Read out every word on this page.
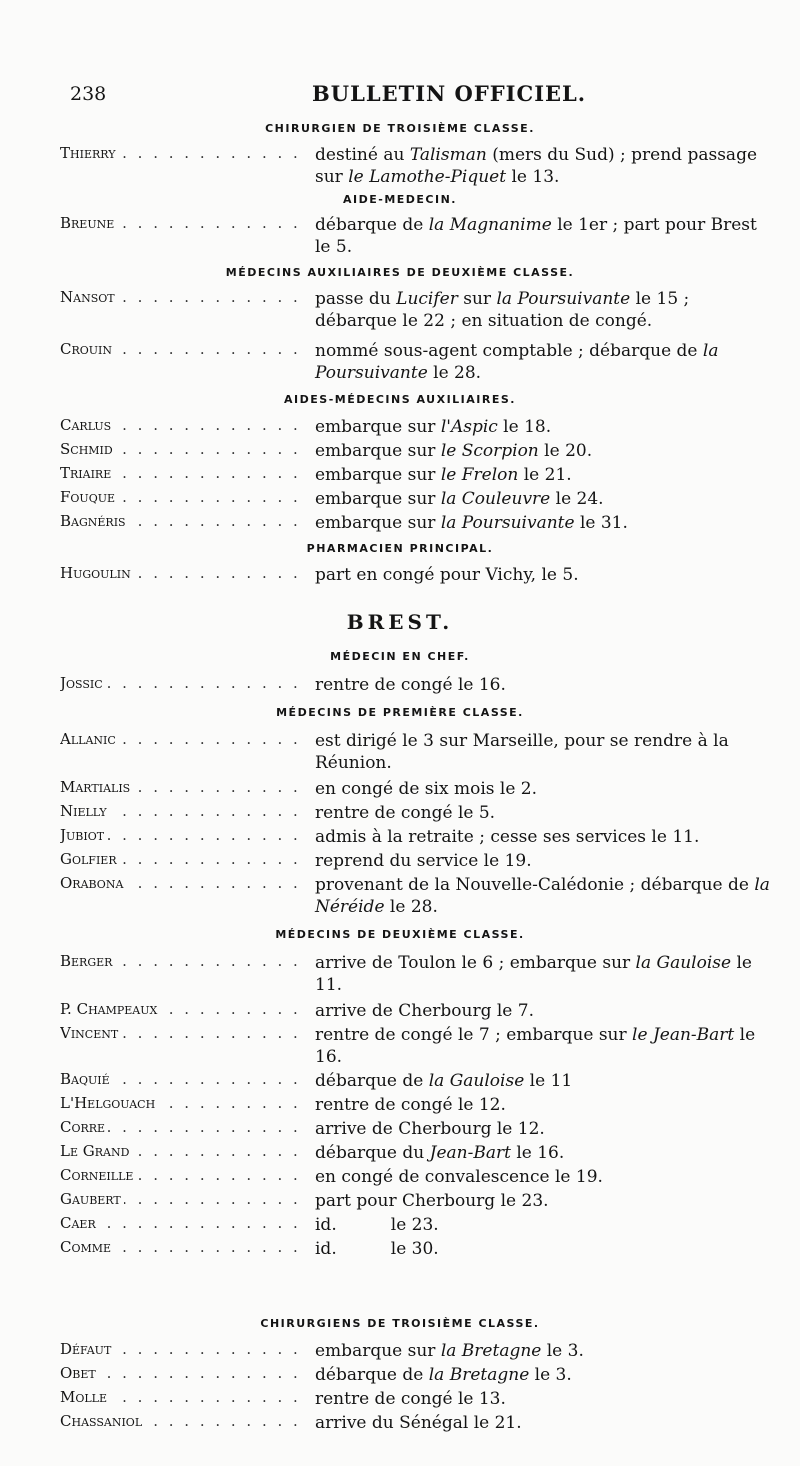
238	BULLETIN OFFICIEL.
CHIRURGIEN DE TROISIÈME CLASSE.
AIDE-MEDECIN.
MÉDECINS AUXILIAIRES DE DEUXIÈME CLASSE.
AIDES-MÉDECINS AUXILIAIRES.
PHARMACIEN PRINCIPAL.
BREST.
MÉDECIN EN CHEF.
MÉDECINS DE PREMIÈRE CLASSE.
MÉDECINS DE DEUXIÈME CLASSE.
CHIRURGIENS DE TROISIÈME CLASSE.
Thierry . . .	destiné au Talisman (mers du Sud) ; prend passage sur le Lamothe-Piquet le 13.
Breune . . .	débarque de la Magnanime le 1er ; part pour Brest le 5.
Nansot . . .	passe du Lucifer sur la Poursuivante le 15 ; débarque le 22 ; en situation de congé.
Crouin . . .	nommé sous-agent comptable ; débarque de la Poursuivante le 28.
Carlus . . .	embarque sur l'Aspic le 18.
Schmid . . .	embarque sur le Scorpion le 20.
Triaire . . .	embarque sur le Frelon le 21.
Fouque . . .	embarque sur la Couleuvre le 24.
Bagnéris . . .	embarque sur la Poursuivante le 31.
Hugoulin . . .	part en congé pour Vichy, le 5.
Jossic . . .	rentre de congé le 16.
Allanic . . .	est dirigé le 3 sur Marseille, pour se rendre à la Réunion.
Martialis . . .	en congé de six mois le 2.
Nielly . . .	rentre de congé le 5.
Jubiot . . .	admis à la retraite ; cesse ses services le 11.
Golfier . . .	reprend du service le 19.
Orabona . . .	provenant de la Nouvelle-Calédonie ; débarque de la Néréide le 28.
Berger . . .	arrive de Toulon le 6 ; embarque sur la Gauloise le 11.
P. Champeaux . . .	arrive de Cherbourg le 7.
Vincent . . .	rentre de congé le 7 ; embarque sur le Jean-Bart le 16.
Baquié . . .	débarque de la Gauloise le 11
L'Helgouach . . .	rentre de congé le 12.
Corre . . .	arrive de Cherbourg le 12.
Le Grand . . .	débarque du Jean-Bart le 16.
Corneille . . .	en congé de convalescence le 19.
Gaubert . . .	part pour Cherbourg le 23.
Caer . . .	id.          le 23.
Comme . . .	id.          le 30.
Défaut . . .	embarque sur la Bretagne le 3.
Obet . . .	débarque de la Bretagne le 3.
Molle . . .	rentre de congé le 13.
Chassaniol . . .	arrive du Sénégal le 21.
